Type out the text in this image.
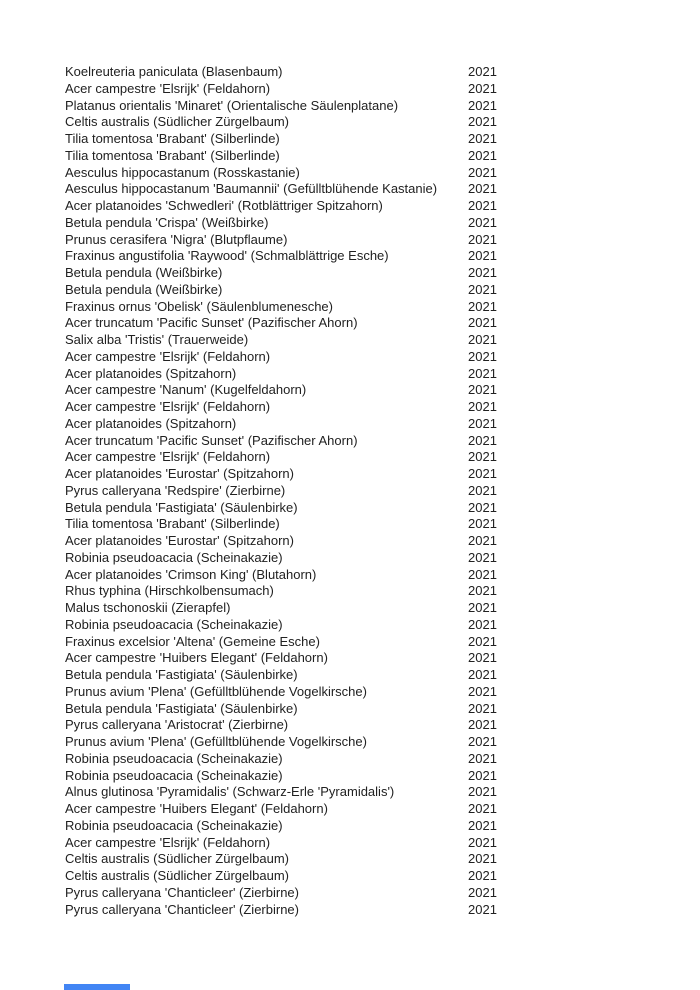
Koelreuteria paniculata (Blasenbaum)	2021
Acer campestre 'Elsrijk' (Feldahorn)	2021
Platanus orientalis 'Minaret' (Orientalische Säulenplatane)	2021
Celtis australis (Südlicher Zürgelbaum)	2021
Tilia tomentosa 'Brabant' (Silberlinde)	2021
Tilia tomentosa 'Brabant' (Silberlinde)	2021
Aesculus hippocastanum (Rosskastanie)	2021
Aesculus hippocastanum 'Baumannii' (Gefülltblühende Kastanie)	2021
Acer platanoides 'Schwedleri' (Rotblättriger Spitzahorn)	2021
Betula pendula 'Crispa' (Weißbirke)	2021
Prunus cerasifera 'Nigra' (Blutpflaume)	2021
Fraxinus angustifolia 'Raywood' (Schmalblättrige Esche)	2021
Betula pendula (Weißbirke)	2021
Betula pendula (Weißbirke)	2021
Fraxinus ornus 'Obelisk' (Säulenblumenesche)	2021
Acer truncatum 'Pacific Sunset' (Pazifischer Ahorn)	2021
Salix alba 'Tristis' (Trauerweide)	2021
Acer campestre 'Elsrijk' (Feldahorn)	2021
Acer platanoides (Spitzahorn)	2021
Acer campestre 'Nanum' (Kugelfeldahorn)	2021
Acer campestre 'Elsrijk' (Feldahorn)	2021
Acer platanoides (Spitzahorn)	2021
Acer truncatum 'Pacific Sunset' (Pazifischer Ahorn)	2021
Acer campestre 'Elsrijk' (Feldahorn)	2021
Acer platanoides 'Eurostar' (Spitzahorn)	2021
Pyrus calleryana 'Redspire' (Zierbirne)	2021
Betula pendula 'Fastigiata' (Säulenbirke)	2021
Tilia tomentosa 'Brabant' (Silberlinde)	2021
Acer platanoides 'Eurostar' (Spitzahorn)	2021
Robinia pseudoacacia (Scheinakazie)	2021
Acer platanoides 'Crimson King' (Blutahorn)	2021
Rhus typhina (Hirschkolbensumach)	2021
Malus tschonoskii (Zierapfel)	2021
Robinia pseudoacacia (Scheinakazie)	2021
Fraxinus excelsior 'Altena' (Gemeine Esche)	2021
Acer campestre 'Huibers Elegant' (Feldahorn)	2021
Betula pendula 'Fastigiata' (Säulenbirke)	2021
Prunus avium 'Plena' (Gefülltblühende Vogelkirsche)	2021
Betula pendula 'Fastigiata' (Säulenbirke)	2021
Pyrus calleryana 'Aristocrat' (Zierbirne)	2021
Prunus avium 'Plena' (Gefülltblühende Vogelkirsche)	2021
Robinia pseudoacacia (Scheinakazie)	2021
Robinia pseudoacacia (Scheinakazie)	2021
Alnus glutinosa 'Pyramidalis' (Schwarz-Erle 'Pyramidalis')	2021
Acer campestre 'Huibers Elegant' (Feldahorn)	2021
Robinia pseudoacacia (Scheinakazie)	2021
Acer campestre 'Elsrijk' (Feldahorn)	2021
Celtis australis (Südlicher Zürgelbaum)	2021
Celtis australis (Südlicher Zürgelbaum)	2021
Pyrus calleryana 'Chanticleer' (Zierbirne)	2021
Pyrus calleryana 'Chanticleer' (Zierbirne)	2021
